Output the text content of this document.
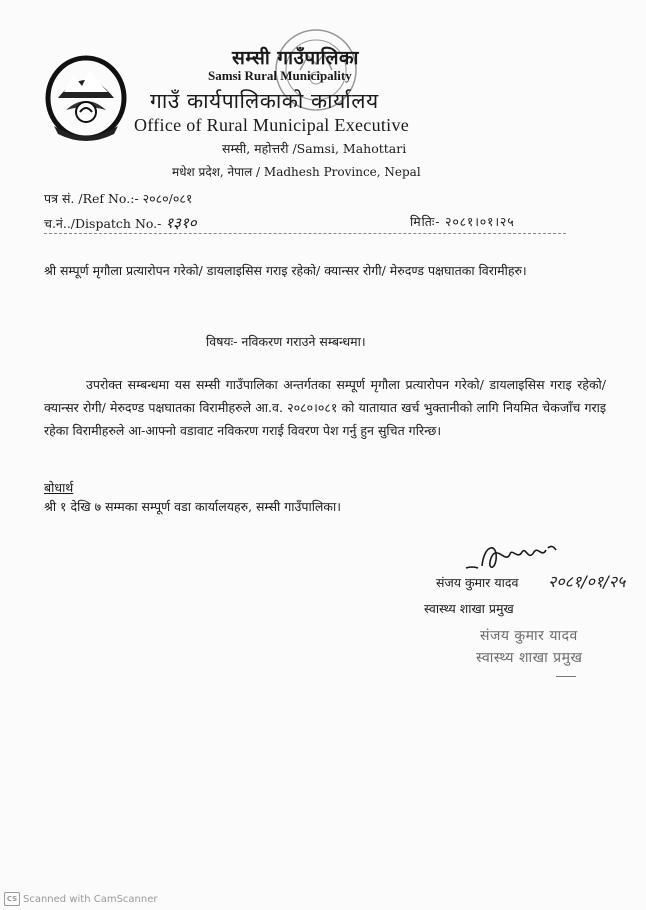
सम्सी गाउँपालिका
Samsi Rural Municipality
गाउँ कार्यपालिकाको कार्यालय
Office of Rural Municipal Executive
सम्सी, महोत्तरी /Samsi, Mahottari
मधेश प्रदेश, नेपाल / Madhesh Province, Nepal
पत्र सं. /Ref No.:- २०८०/०८१
च.नं../Dispatch No.- १३१०	मितिः- २०८१।०१।२५
श्री सम्पूर्ण मृगौला प्रत्यारोपन गरेको/ डायलाइसिस गराइ रहेको/ क्यान्सर रोगी/ मेरुदण्ड पक्षघातका विरामीहरु।
विषयः- नविकरण गराउने सम्बन्धमा।
उपरोक्त सम्बन्धमा यस सम्सी गाउँपालिका अन्तर्गतका सम्पूर्ण मृगौला प्रत्यारोपन गरेको/ डायलाइसिस गराइ रहेको/ क्यान्सर रोगी/ मेरुदण्ड पक्षघातका विरामीहरुले आ.व. २०८०।०८१ को यातायात खर्च भुक्तानीको लागि नियमित चेकजाँच गराइ रहेका विरामीहरुले आ-आफ्नो वडावाट नविकरण गराई विवरण पेश गर्नु हुन सुचित गरिन्छ।
बोधार्थ
श्री १ देखि ७ सम्मका सम्पूर्ण वडा कार्यालयहरु, सम्सी गाउँपालिका।
संजय कुमार यादव २०८१/०१/२५
स्वास्थ्य शाखा प्रमुख
संजय कुमार यादव
स्वास्थ्य शाखा प्रमुख
CS Scanned with CamScanner
